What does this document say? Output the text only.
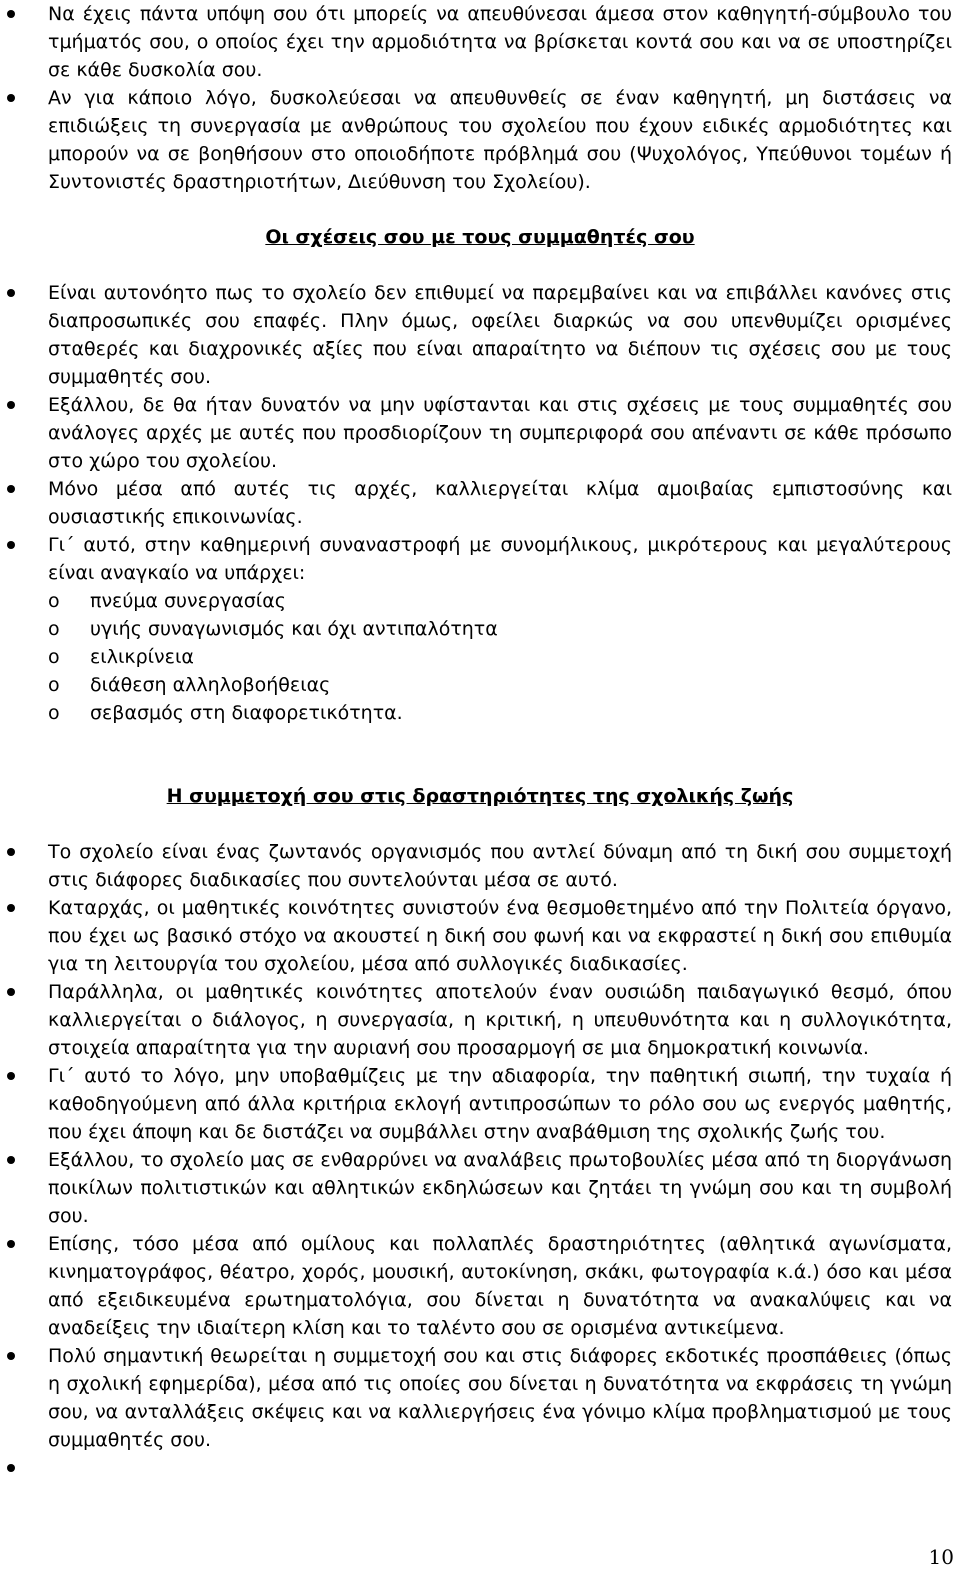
Να έχεις πάντα υπόψη σου ότι μπορείς να απευθύνεσαι άμεσα στον καθηγητή-σύμβουλο του τμήματός σου, ο οποίος έχει την αρμοδιότητα να βρίσκεται κοντά σου και να σε υποστηρίζει σε κάθε δυσκολία σου.
Αν για κάποιο λόγο, δυσκολεύεσαι να απευθυνθείς σε έναν καθηγητή, μη διστάσεις να επιδιώξεις τη συνεργασία με ανθρώπους του σχολείου που έχουν ειδικές αρμοδιότητες και μπορούν να σε βοηθήσουν στο οποιοδήποτε πρόβλημά σου (Ψυχολόγος, Υπεύθυνοι τομέων ή Συντονιστές δραστηριοτήτων, Διεύθυνση του Σχολείου).
Οι σχέσεις σου με τους συμμαθητές σου
Είναι αυτονόητο πως το σχολείο δεν επιθυμεί να παρεμβαίνει και να επιβάλλει κανόνες στις διαπροσωπικές σου επαφές. Πλην όμως, οφείλει διαρκώς να σου υπενθυμίζει ορισμένες σταθερές και διαχρονικές αξίες που είναι απαραίτητο να διέπουν τις σχέσεις σου με τους συμμαθητές σου.
Εξάλλου, δε θα ήταν δυνατόν να μην υφίστανται και στις σχέσεις με τους συμμαθητές σου ανάλογες αρχές με αυτές που προσδιορίζουν τη συμπεριφορά σου απέναντι σε κάθε πρόσωπο στο χώρο του σχολείου.
Μόνο μέσα από αυτές τις αρχές, καλλιεργείται κλίμα αμοιβαίας εμπιστοσύνης και ουσιαστικής επικοινωνίας.
Γι΄ αυτό, στην καθημερινή συναναστροφή με συνομήλικους, μικρότερους και μεγαλύτερους είναι αναγκαίο να υπάρχει:
o πνεύμα συνεργασίας
o υγιής συναγωνισμός και όχι αντιπαλότητα
o ειλικρίνεια
o διάθεση αλληλοβοήθειας
o σεβασμός στη διαφορετικότητα.
Η συμμετοχή σου στις δραστηριότητες της σχολικής ζωής
Το σχολείο είναι ένας ζωντανός οργανισμός που αντλεί δύναμη από τη δική σου συμμετοχή στις διάφορες διαδικασίες που συντελούνται μέσα σε αυτό.
Καταρχάς, οι μαθητικές κοινότητες συνιστούν ένα θεσμοθετημένο από την Πολιτεία όργανο, που έχει ως βασικό στόχο να ακουστεί η δική σου φωνή και να εκφραστεί η δική σου επιθυμία για τη λειτουργία του σχολείου, μέσα από συλλογικές διαδικασίες.
Παράλληλα, οι μαθητικές κοινότητες αποτελούν έναν ουσιώδη παιδαγωγικό θεσμό, όπου καλλιεργείται ο διάλογος, η συνεργασία, η κριτική, η υπευθυνότητα και η συλλογικότητα, στοιχεία απαραίτητα για την αυριανή σου προσαρμογή σε μια δημοκρατική κοινωνία.
Γι΄ αυτό το λόγο, μην υποβαθμίζεις με την αδιαφορία, την παθητική σιωπή, την τυχαία ή καθοδηγούμενη από άλλα κριτήρια εκλογή αντιπροσώπων το ρόλο σου ως ενεργός μαθητής, που έχει άποψη και δε διστάζει να συμβάλλει στην αναβάθμιση της σχολικής ζωής του.
Εξάλλου, το σχολείο μας σε ενθαρρύνει να αναλάβεις πρωτοβουλίες μέσα από τη διοργάνωση ποικίλων πολιτιστικών και αθλητικών εκδηλώσεων και ζητάει τη γνώμη σου και τη συμβολή σου.
Επίσης, τόσο μέσα από ομίλους και πολλαπλές δραστηριότητες (αθλητικά αγωνίσματα, κινηματογράφος, θέατρο, χορός, μουσική, αυτοκίνηση, σκάκι, φωτογραφία κ.ά.) όσο και μέσα από εξειδικευμένα ερωτηματολόγια, σου δίνεται η δυνατότητα να ανακαλύψεις και να αναδείξεις την ιδιαίτερη κλίση και το ταλέντο σου σε ορισμένα αντικείμενα.
Πολύ σημαντική θεωρείται η συμμετοχή σου και στις διάφορες εκδοτικές προσπάθειες (όπως η σχολική εφημερίδα), μέσα από τις οποίες σου δίνεται η δυνατότητα να εκφράσεις τη γνώμη σου, να ανταλλάξεις σκέψεις και να καλλιεργήσεις ένα γόνιμο κλίμα προβληματισμού με τους συμμαθητές σου.
10
